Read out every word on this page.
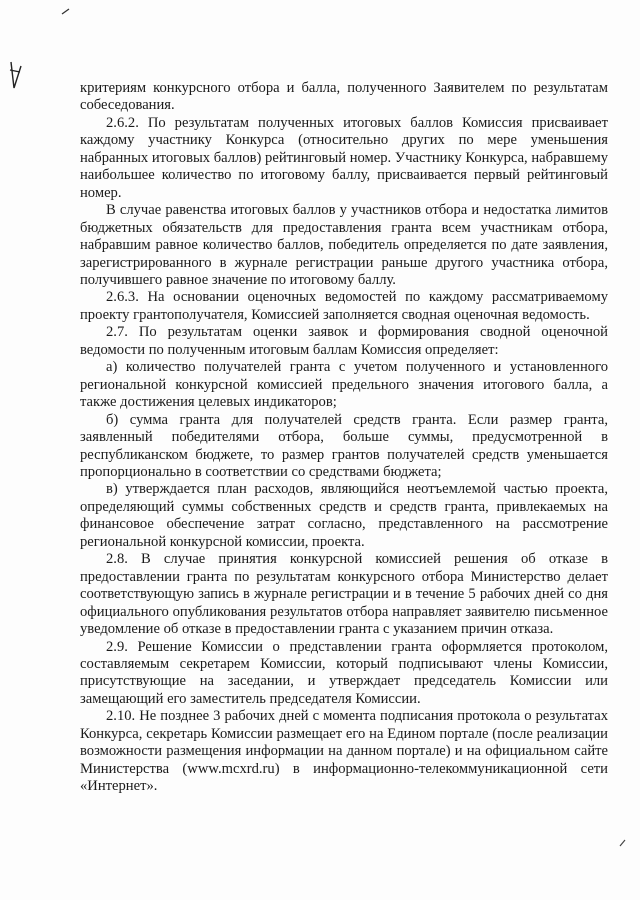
критериям конкурсного отбора и балла, полученного Заявителем по результатам собеседования.

2.6.2. По результатам полученных итоговых баллов Комиссия присваивает каждому участнику Конкурса (относительно других по мере уменьшения набранных итоговых баллов) рейтинговый номер. Участнику Конкурса, набравшему наибольшее количество по итоговому баллу, присваивается первый рейтинговый номер.

В случае равенства итоговых баллов у участников отбора и недостатка лимитов бюджетных обязательств для предоставления гранта всем участникам отбора, набравшим равное количество баллов, победитель определяется по дате заявления, зарегистрированного в журнале регистрации раньше другого участника отбора, получившего равное значение по итоговому баллу.

2.6.3. На основании оценочных ведомостей по каждому рассматриваемому проекту грантополучателя, Комиссией заполняется сводная оценочная ведомость.

2.7. По результатам оценки заявок и формирования сводной оценочной ведомости по полученным итоговым баллам Комиссия определяет:

а) количество получателей гранта с учетом полученного и установленного региональной конкурсной комиссией предельного значения итогового балла, а также достижения целевых индикаторов;

б) сумма гранта для получателей средств гранта. Если размер гранта, заявленный победителями отбора, больше суммы, предусмотренной в республиканском бюджете, то размер грантов получателей средств уменьшается пропорционально в соответствии со средствами бюджета;

в) утверждается план расходов, являющийся неотъемлемой частью проекта, определяющий суммы собственных средств и средств гранта, привлекаемых на финансовое обеспечение затрат согласно, представленного на рассмотрение региональной конкурсной комиссии, проекта.

2.8. В случае принятия конкурсной комиссией решения об отказе в предоставлении гранта по результатам конкурсного отбора Министерство делает соответствующую запись в журнале регистрации и в течение 5 рабочих дней со дня официального опубликования результатов отбора направляет заявителю письменное уведомление об отказе в предоставлении гранта с указанием причин отказа.

2.9. Решение Комиссии о представлении гранта оформляется протоколом, составляемым секретарем Комиссии, который подписывают члены Комиссии, присутствующие на заседании, и утверждает председатель Комиссии или замещающий его заместитель председателя Комиссии.

2.10. Не позднее 3 рабочих дней с момента подписания протокола о результатах Конкурса, секретарь Комиссии размещает его на Едином портале (после реализации возможности размещения информации на данном портале) и на официальном сайте Министерства (www.mcxrd.ru) в информационно-телекоммуникационной сети «Интернет».
